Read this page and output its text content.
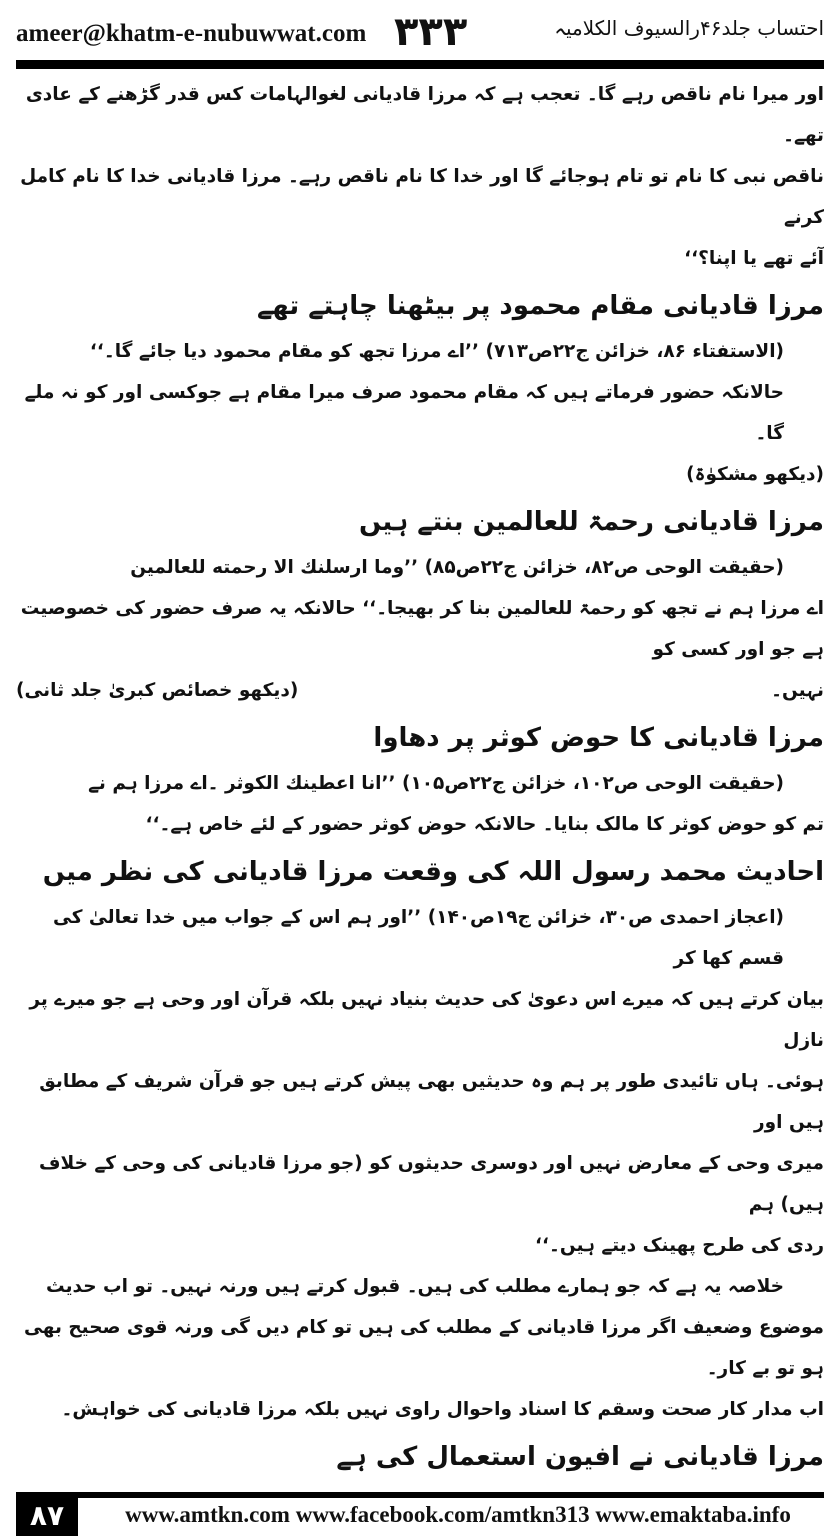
ameer@khatm-e-nubuwwat.com ۳۳۳	احتساب جلد۴۶رالسیوف الکلامیہ

اور میرا نام ناقص رہے گا۔ تعجب ہے کہ مرزا قادیانی لغوالہامات کس قدر گڑھنے کے عادی تھے۔

ناقص نبی کا نام تو تام ہوجائے گا اور خدا کا نام ناقص رہے۔ مرزا قادیانی خدا کا نام کامل کرنے

آئے تھے یا اپنا؟‘‘

مرزا قادیانی مقام محمود پر بیٹھنا چاہتے تھے

(الاستفتاء ۸۶، خزائن ج۲۲ص۷۱۳) ’’اے مرزا تجھ کو مقام محمود دیا جائے گا۔‘‘

حالانکہ حضور فرماتے ہیں کہ مقام محمود صرف میرا مقام ہے جوکسی اور کو نہ ملے گا۔

(دیکھو مشکوٰۃ)

مرزا قادیانی رحمۃ للعالمین بنتے ہیں

(حقیقت الوحی ص۸۲، خزائن ج۲۲ص۸۵) ’’وما ارسلنك الا رحمته للعالمین

اے مرزا ہم نے تجھ کو رحمۃ للعالمین بنا کر بھیجا۔‘‘ حالانکہ یہ صرف حضور کی خصوصیت ہے جو اور کسی کو

نہیں۔
(دیکھو خصائص کبریٰ جلد ثانی)
مرزا قادیانی کا حوض کوثر پر دھاوا

(حقیقت الوحی ص۱۰۲، خزائن ج۲۲ص۱۰۵) ’’انا اعطینك الكوثر ۔اے مرزا ہم نے

تم کو حوض کوثر کا مالک بنایا۔ حالانکہ حوض کوثر حضور کے لئے خاص ہے۔‘‘

احادیث محمد رسول اللہ کی وقعت مرزا قادیانی کی نظر میں

(اعجاز احمدی ص۳۰، خزائن ج۱۹ص۱۴۰) ’’اور ہم اس کے جواب میں خدا تعالیٰ کی قسم کھا کر

بیان کرتے ہیں کہ میرے اس دعویٰ کی حدیث بنیاد نہیں بلکہ قرآن اور وحی ہے جو میرے پر نازل

ہوئی۔ ہاں تائیدی طور پر ہم وہ حدیثیں بھی پیش کرتے ہیں جو قرآن شریف کے مطابق ہیں اور

میری وحی کے معارض نہیں اور دوسری حدیثوں کو (جو مرزا قادیانی کی وحی کے خلاف ہیں) ہم

ردی کی طرح پھینک دیتے ہیں۔‘‘

خلاصہ یہ ہے کہ جو ہمارے مطلب کی ہیں۔ قبول کرتے ہیں ورنہ نہیں۔ تو اب حدیث

موضوع وضعیف اگر مرزا قادیانی کے مطلب کی ہیں تو کام دیں گی ورنہ قوی صحیح بھی ہو تو بے کار۔

اب مدار کار صحت وسقم کا اسناد واحوال راوی نہیں بلکہ مرزا قادیانی کی خواہش۔

مرزا قادیانی نے افیون استعمال کی ہے

۸۷	www.amtkn.com www.facebook.com/amtkn313 www.emaktaba.info
